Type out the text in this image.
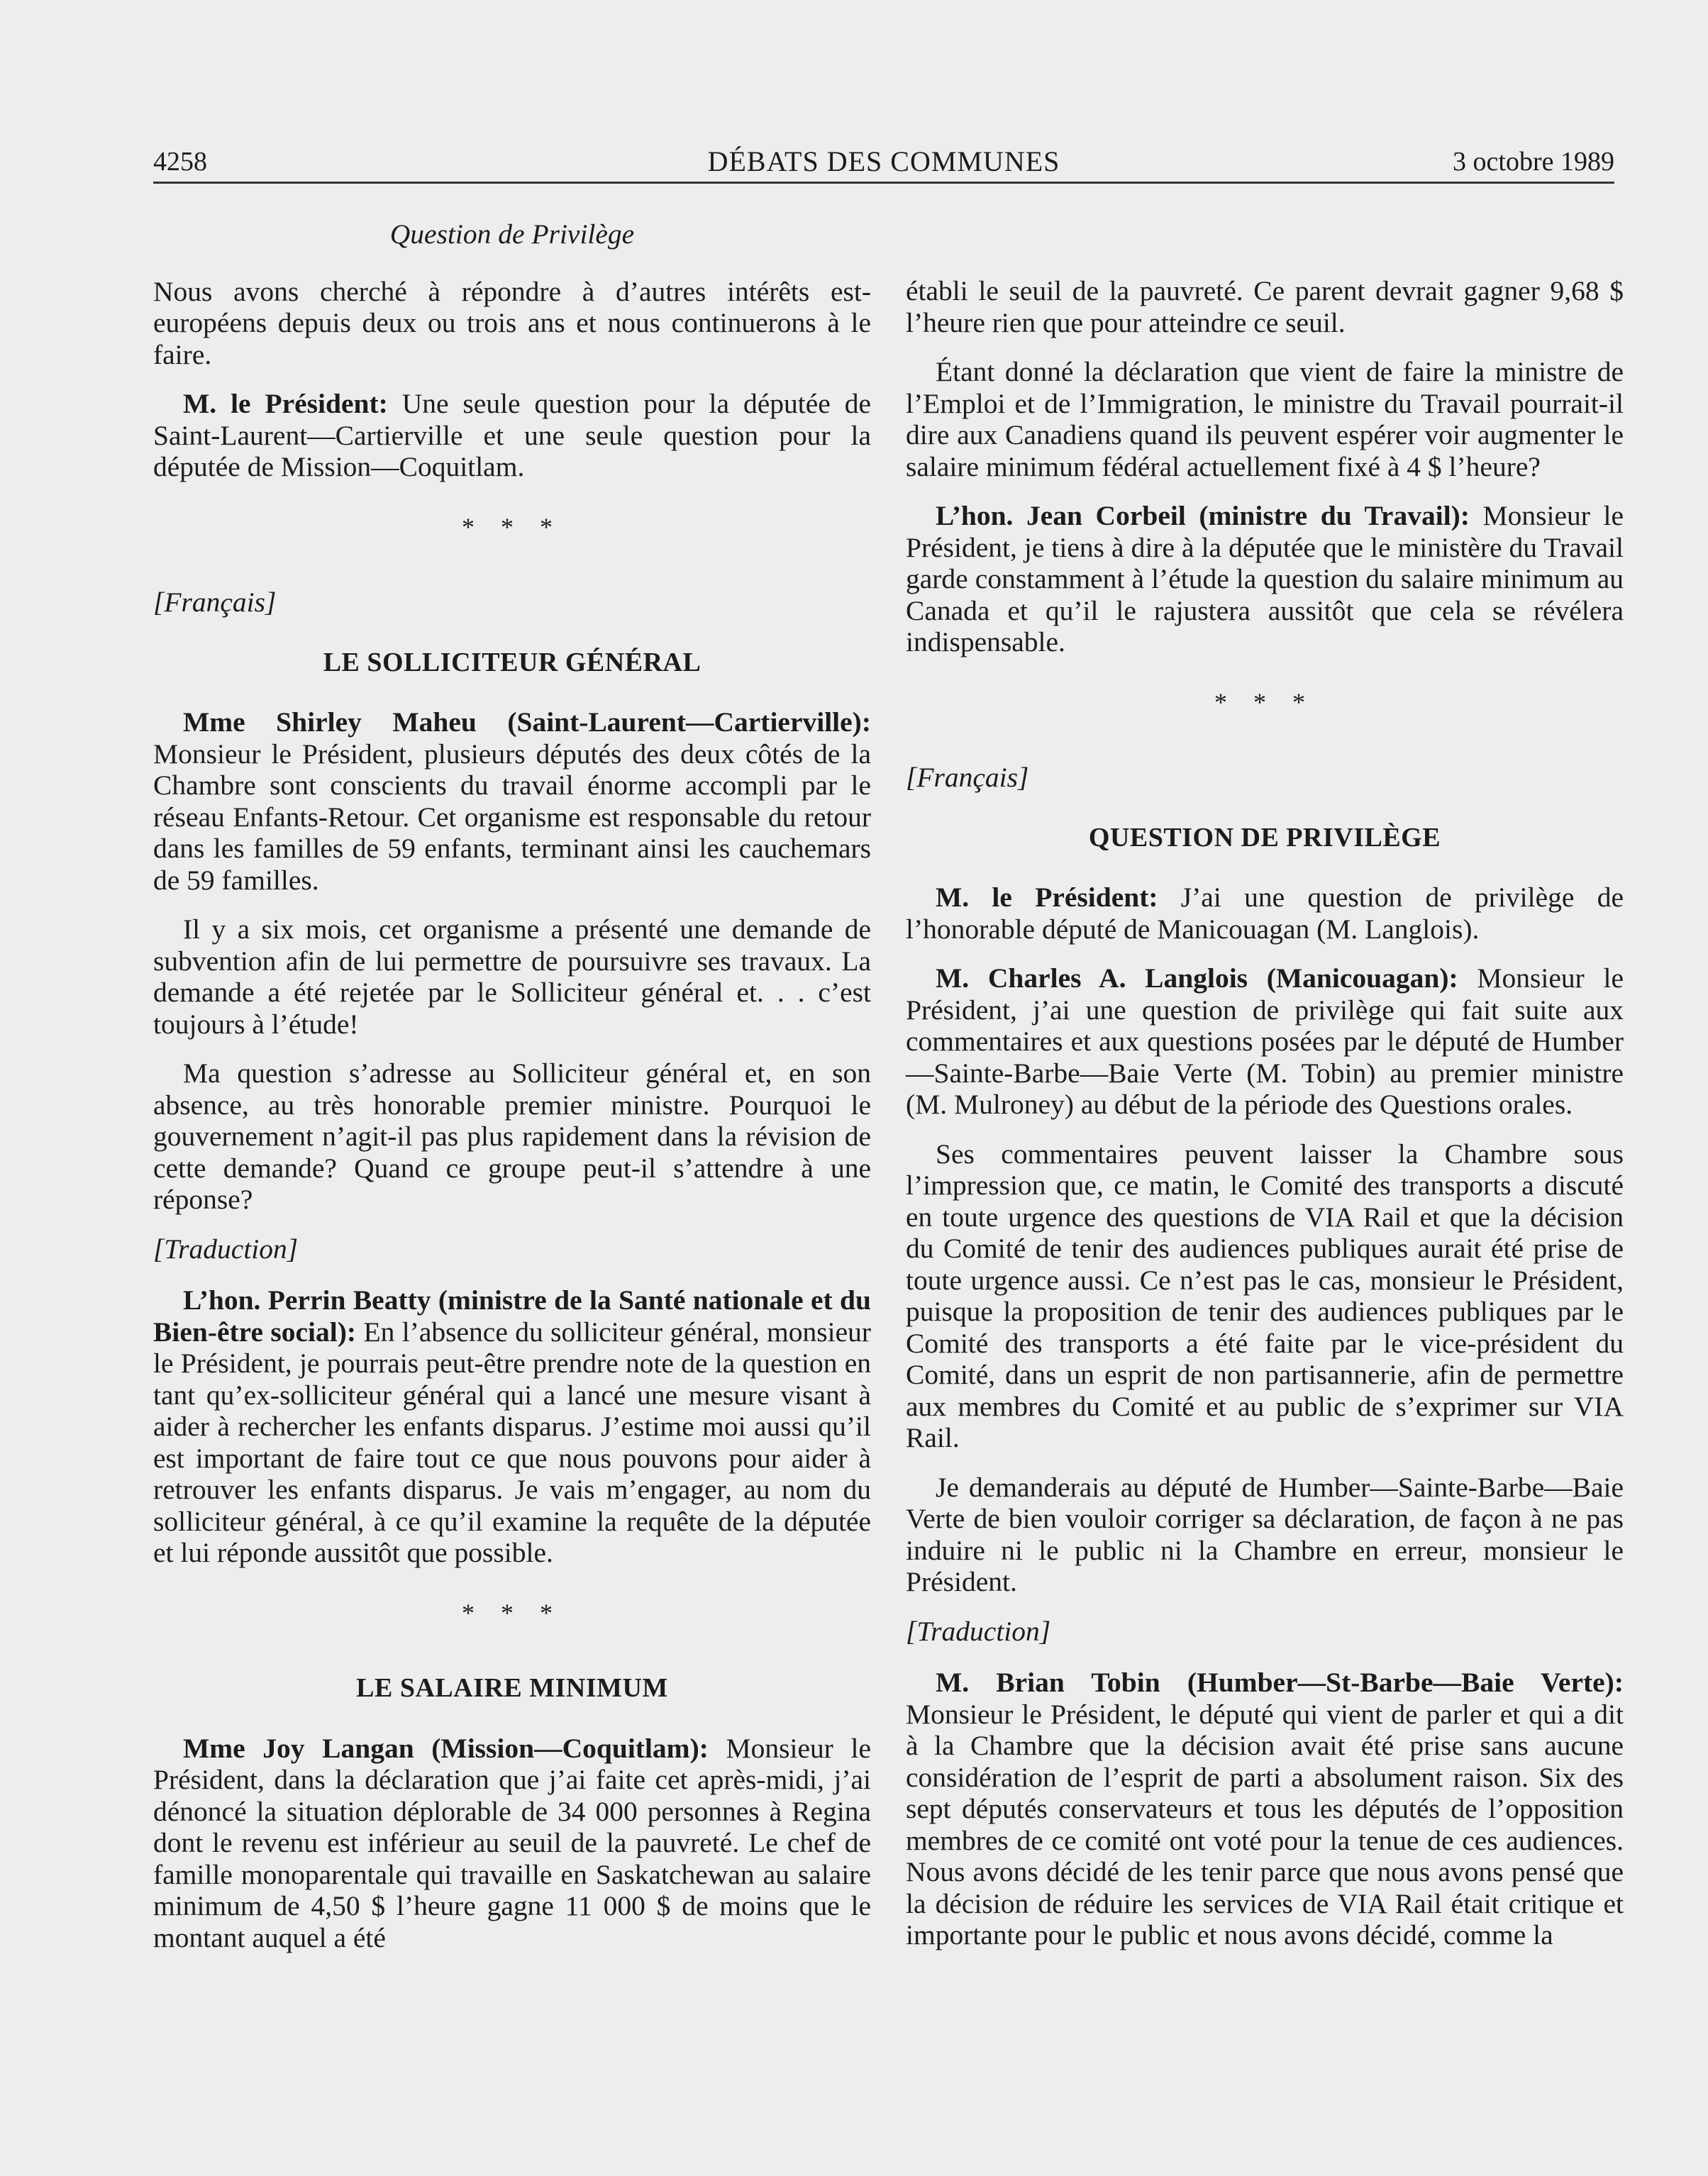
4258	DÉBATS DES COMMUNES	3 octobre 1989
Question de Privilège

Nous avons cherché à répondre à d’autres intérêts est-européens depuis deux ou trois ans et nous continuerons à le faire.

M. le Président: Une seule question pour la députée de Saint-Laurent—Cartierville et une seule question pour la députée de Mission—Coquitlam.

* * *
[Français]
LE SOLLICITEUR GÉNÉRAL

Mme Shirley Maheu (Saint-Laurent—Cartierville): Monsieur le Président, plusieurs députés des deux côtés de la Chambre sont conscients du travail énorme accompli par le réseau Enfants-Retour. Cet organisme est responsable du retour dans les familles de 59 enfants, terminant ainsi les cauchemars de 59 familles.

Il y a six mois, cet organisme a présenté une demande de subvention afin de lui permettre de poursuivre ses travaux. La demande a été rejetée par le Solliciteur général et. . . c’est toujours à l’étude!

Ma question s’adresse au Solliciteur général et, en son absence, au très honorable premier ministre. Pourquoi le gouvernement n’agit-il pas plus rapidement dans la révision de cette demande? Quand ce groupe peut-il s’attendre à une réponse?

[Traduction]

L’hon. Perrin Beatty (ministre de la Santé nationale et du Bien-être social): En l’absence du solliciteur général, monsieur le Président, je pourrais peut-être prendre note de la question en tant qu’ex-solliciteur général qui a lancé une mesure visant à aider à rechercher les enfants disparus. J’estime moi aussi qu’il est important de faire tout ce que nous pouvons pour aider à retrouver les enfants disparus. Je vais m’engager, au nom du solliciteur général, à ce qu’il examine la requête de la députée et lui réponde aussitôt que possible.

* * *
LE SALAIRE MINIMUM

Mme Joy Langan (Mission—Coquitlam): Monsieur le Président, dans la déclaration que j’ai faite cet après-midi, j’ai dénoncé la situation déplorable de 34 000 personnes à Regina dont le revenu est inférieur au seuil de la pauvreté. Le chef de famille monoparentale qui travaille en Saskatchewan au salaire minimum de 4,50 $ l’heure gagne 11 000 $ de moins que le montant auquel a été

établi le seuil de la pauvreté. Ce parent devrait gagner 9,68 $ l’heure rien que pour atteindre ce seuil.

Étant donné la déclaration que vient de faire la ministre de l’Emploi et de l’Immigration, le ministre du Travail pourrait-il dire aux Canadiens quand ils peuvent espérer voir augmenter le salaire minimum fédéral actuellement fixé à 4 $ l’heure?

L’hon. Jean Corbeil (ministre du Travail): Monsieur le Président, je tiens à dire à la députée que le ministère du Travail garde constamment à l’étude la question du salaire minimum au Canada et qu’il le rajustera aussitôt que cela se révélera indispensable.

* * *
[Français]
QUESTION DE PRIVILÈGE

M. le Président: J’ai une question de privilège de l’honorable député de Manicouagan (M. Langlois).

M. Charles A. Langlois (Manicouagan): Monsieur le Président, j’ai une question de privilège qui fait suite aux commentaires et aux questions posées par le député de Humber—Sainte-Barbe—Baie Verte (M. Tobin) au premier ministre (M. Mulroney) au début de la période des Questions orales.

Ses commentaires peuvent laisser la Chambre sous l’impression que, ce matin, le Comité des transports a discuté en toute urgence des questions de VIA Rail et que la décision du Comité de tenir des audiences publiques aurait été prise de toute urgence aussi. Ce n’est pas le cas, monsieur le Président, puisque la proposition de tenir des audiences publiques par le Comité des transports a été faite par le vice-président du Comité, dans un esprit de non partisannerie, afin de permettre aux membres du Comité et au public de s’exprimer sur VIA Rail.

Je demanderais au député de Humber—Sainte-Barbe—Baie Verte de bien vouloir corriger sa déclaration, de façon à ne pas induire ni le public ni la Chambre en erreur, monsieur le Président.

[Traduction]

M. Brian Tobin (Humber—St-Barbe—Baie Verte): Monsieur le Président, le député qui vient de parler et qui a dit à la Chambre que la décision avait été prise sans aucune considération de l’esprit de parti a absolument raison. Six des sept députés conservateurs et tous les députés de l’opposition membres de ce comité ont voté pour la tenue de ces audiences. Nous avons décidé de les tenir parce que nous avons pensé que la décision de réduire les services de VIA Rail était critique et importante pour le public et nous avons décidé, comme la
